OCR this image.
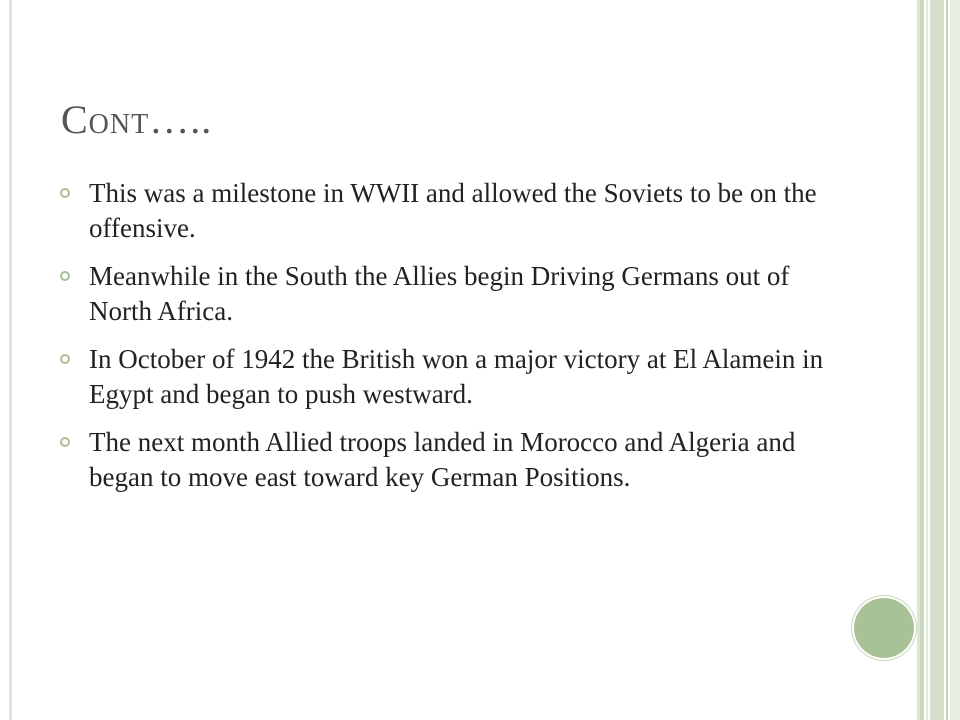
Cont…..
This was a milestone in WWII and allowed the Soviets to be on the offensive.
Meanwhile in the South the Allies begin Driving Germans out of North Africa.
In October of 1942 the British won a major victory at El Alamein in Egypt and began to push westward.
The next month Allied troops landed in Morocco and Algeria and began to move east toward key German Positions.
